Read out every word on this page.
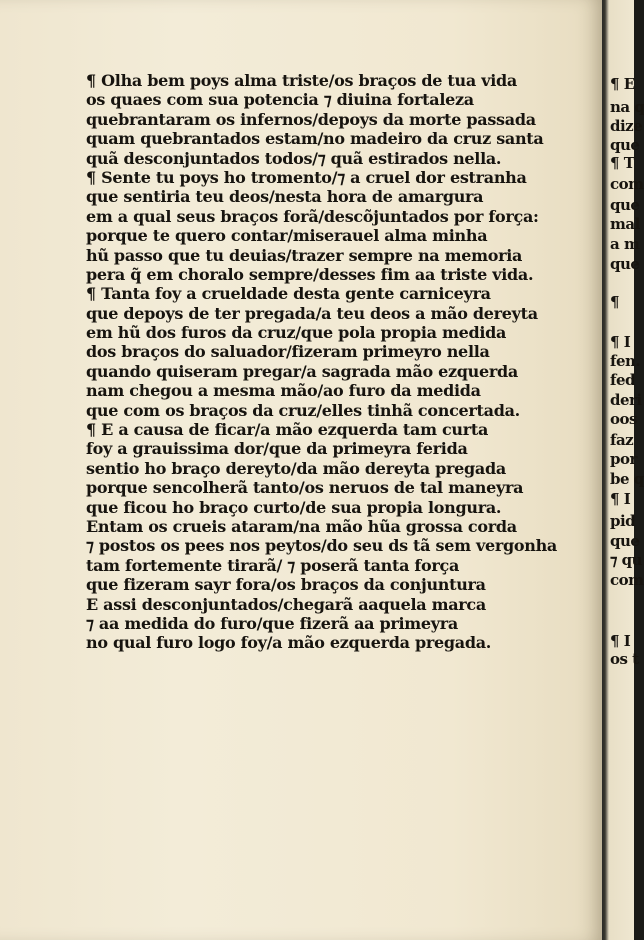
¶ Olha bem poys alma triste/os braços de tua vida
os quaes com sua potencia ⁊ diuina fortaleza
quebrantaram os infernos/depoys da morte passada
quam quebrantados estam/no madeiro da cruz santa
quã desconjuntados todos/⁊ quã estirados nella.
¶ Sente tu poys ho tromento/⁊ a cruel dor estranha
que sentiria teu deos/nesta hora de amargura
em a qual seus braços forã/descõjuntados por força:
porque te quero contar/miserauel alma minha
hũ passo que tu deuias/trazer sempre na memoria
pera q̃ em choralo sempre/desses fim aa triste vida.
¶ Tanta foy a crueldade desta gente carniceyra
que depoys de ter pregada/a teu deos a mão dereyta
em hũ dos furos da cruz/que pola propia medida
dos braços do saluador/fizeram primeyro nella
quando quiseram pregar/a sagrada mão ezquerda
nam chegou a mesma mão/ao furo da medida
que com os braços da cruz/elles tinhã concertada.
¶ E a causa de ficar/a mão ezquerda tam curta
foy a grauissima dor/que da primeyra ferida
sentio ho braço dereyto/da mão dereyta pregada
porque sencolherã tanto/os neruos de tal maneyra
que ficou ho braço curto/de sua propia longura.
Entam os crueis ataram/na mão hũa grossa corda
⁊ postos os pees nos peytos/do seu ds tã sem vergonha
tam fortemente tirarã/ ⁊ poserã tanta força
que fizeram sayr fora/os braços da conjuntura
E assi desconjuntados/chegarã aaquela marca
⁊ aa medida do furo/que fizerã aa primeyra
no qual furo logo foy/a mão ezquerda pregada.
¶ E
na q
dize
que
¶ T
com
que
mal
a m
que
¶
¶ I
fen.
fed
deri
oos
faz
por
be q
¶ I
pid
que
⁊ qu
com
¶ I
os t
